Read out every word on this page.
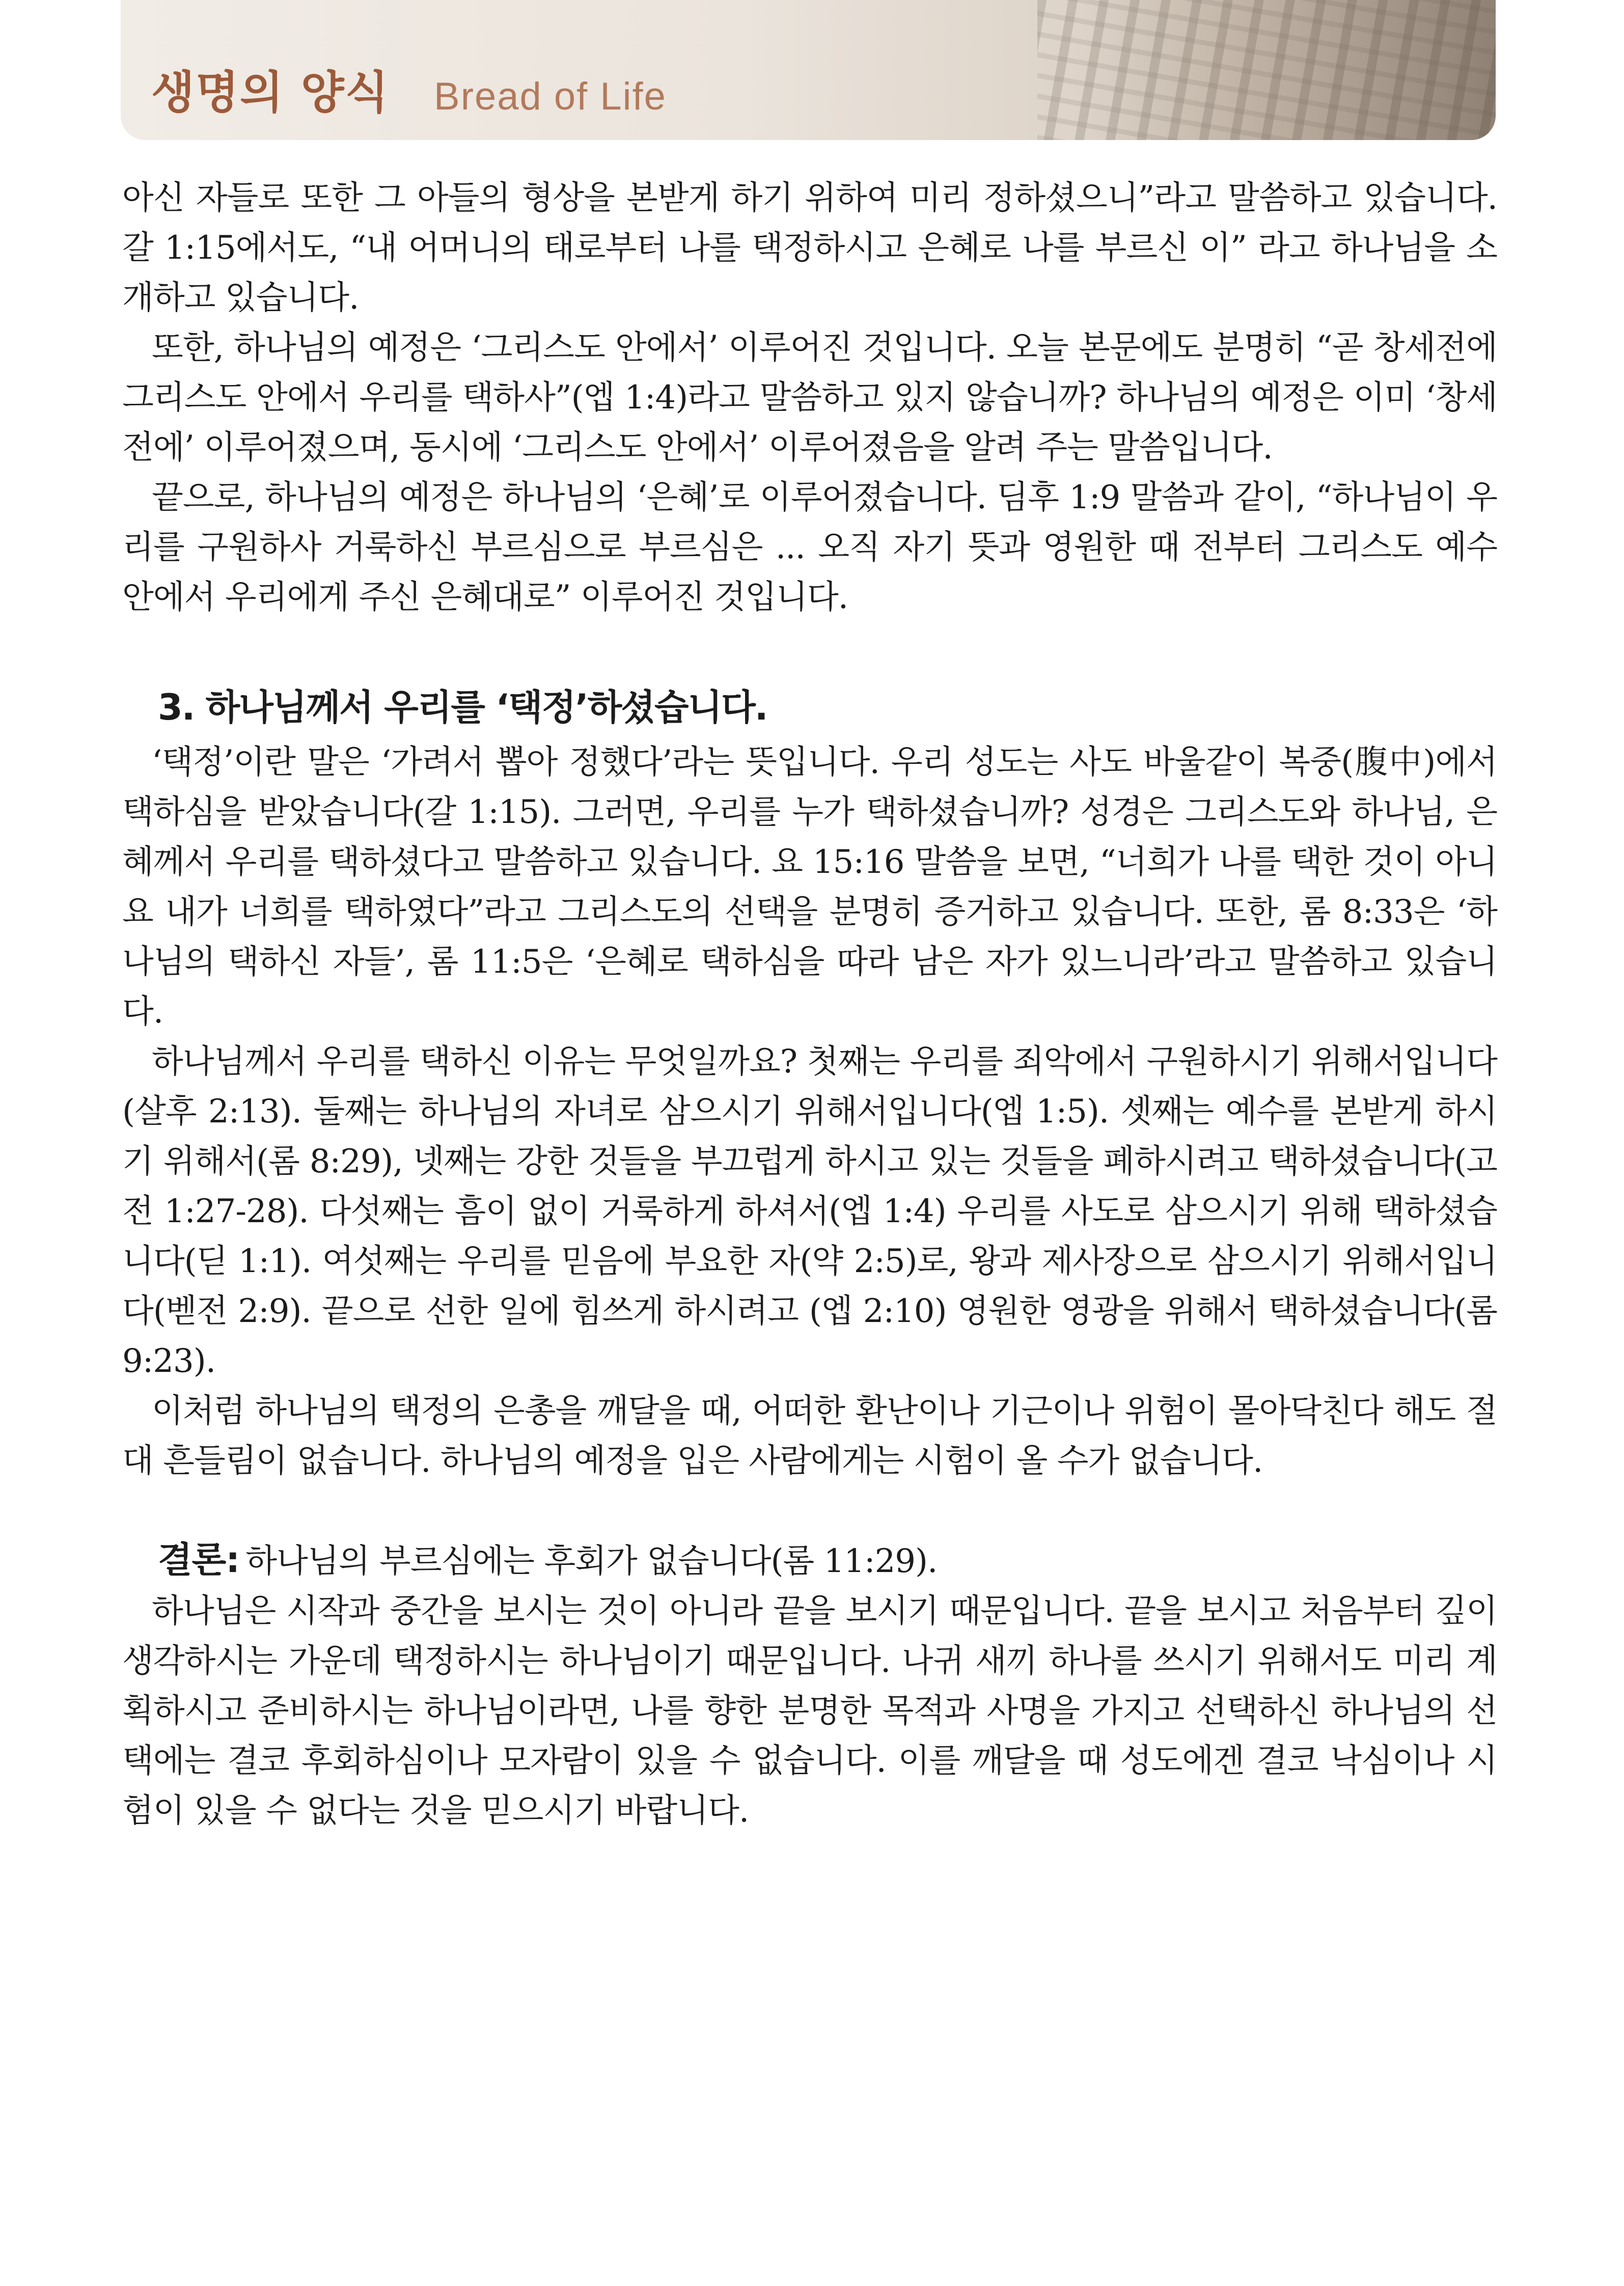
생명의 양식 Bread of Life

아신 자들로 또한 그 아들의 형상을 본받게 하기 위하여 미리 정하셨으니”라고 말씀하고 있습니다. 갈 1:15에서도, “내 어머니의 태로부터 나를 택정하시고 은혜로 나를 부르신 이” 라고 하나님을 소개하고 있습니다.

또한, 하나님의 예정은 ‘그리스도 안에서’ 이루어진 것입니다. 오늘 본문에도 분명히 “곧 창세전에 그리스도 안에서 우리를 택하사”(엡 1:4)라고 말씀하고 있지 않습니까? 하나님의 예정은 이미 ‘창세전에’ 이루어졌으며, 동시에 ‘그리스도 안에서’ 이루어졌음을 알려 주는 말씀입니다.

끝으로, 하나님의 예정은 하나님의 ‘은혜’로 이루어졌습니다. 딤후 1:9 말씀과 같이, “하나님이 우리를 구원하사 거룩하신 부르심으로 부르심은 ... 오직 자기 뜻과 영원한 때 전부터 그리스도 예수 안에서 우리에게 주신 은혜대로” 이루어진 것입니다.

3. 하나님께서 우리를 ‘택정’하셨습니다.

‘택정’이란 말은 ‘가려서 뽑아 정했다’라는 뜻입니다. 우리 성도는 사도 바울같이 복중(腹中)에서 택하심을 받았습니다(갈 1:15). 그러면, 우리를 누가 택하셨습니까? 성경은 그리스도와 하나님, 은혜께서 우리를 택하셨다고 말씀하고 있습니다. 요 15:16 말씀을 보면, “너희가 나를 택한 것이 아니요 내가 너희를 택하였다”라고 그리스도의 선택을 분명히 증거하고 있습니다. 또한, 롬 8:33은 ‘하나님의 택하신 자들’, 롬 11:5은 ‘은혜로 택하심을 따라 남은 자가 있느니라’라고 말씀하고 있습니다.

하나님께서 우리를 택하신 이유는 무엇일까요? 첫째는 우리를 죄악에서 구원하시기 위해서입니다(살후 2:13). 둘째는 하나님의 자녀로 삼으시기 위해서입니다(엡 1:5). 셋째는 예수를 본받게 하시기 위해서(롬 8:29), 넷째는 강한 것들을 부끄럽게 하시고 있는 것들을 폐하시려고 택하셨습니다(고전 1:27-28). 다섯째는 흠이 없이 거룩하게 하셔서(엡 1:4) 우리를 사도로 삼으시기 위해 택하셨습니다(딛 1:1). 여섯째는 우리를 믿음에 부요한 자(약 2:5)로, 왕과 제사장으로 삼으시기 위해서입니다(벧전 2:9). 끝으로 선한 일에 힘쓰게 하시려고 (엡 2:10) 영원한 영광을 위해서 택하셨습니다(롬 9:23).

이처럼 하나님의 택정의 은총을 깨달을 때, 어떠한 환난이나 기근이나 위험이 몰아닥친다 해도 절대 흔들림이 없습니다. 하나님의 예정을 입은 사람에게는 시험이 올 수가 없습니다.

결론: 하나님의 부르심에는 후회가 없습니다(롬 11:29).

하나님은 시작과 중간을 보시는 것이 아니라 끝을 보시기 때문입니다. 끝을 보시고 처음부터 깊이 생각하시는 가운데 택정하시는 하나님이기 때문입니다. 나귀 새끼 하나를 쓰시기 위해서도 미리 계획하시고 준비하시는 하나님이라면, 나를 향한 분명한 목적과 사명을 가지고 선택하신 하나님의 선택에는 결코 후회하심이나 모자람이 있을 수 없습니다. 이를 깨달을 때 성도에겐 결코 낙심이나 시험이 있을 수 없다는 것을 믿으시기 바랍니다.
